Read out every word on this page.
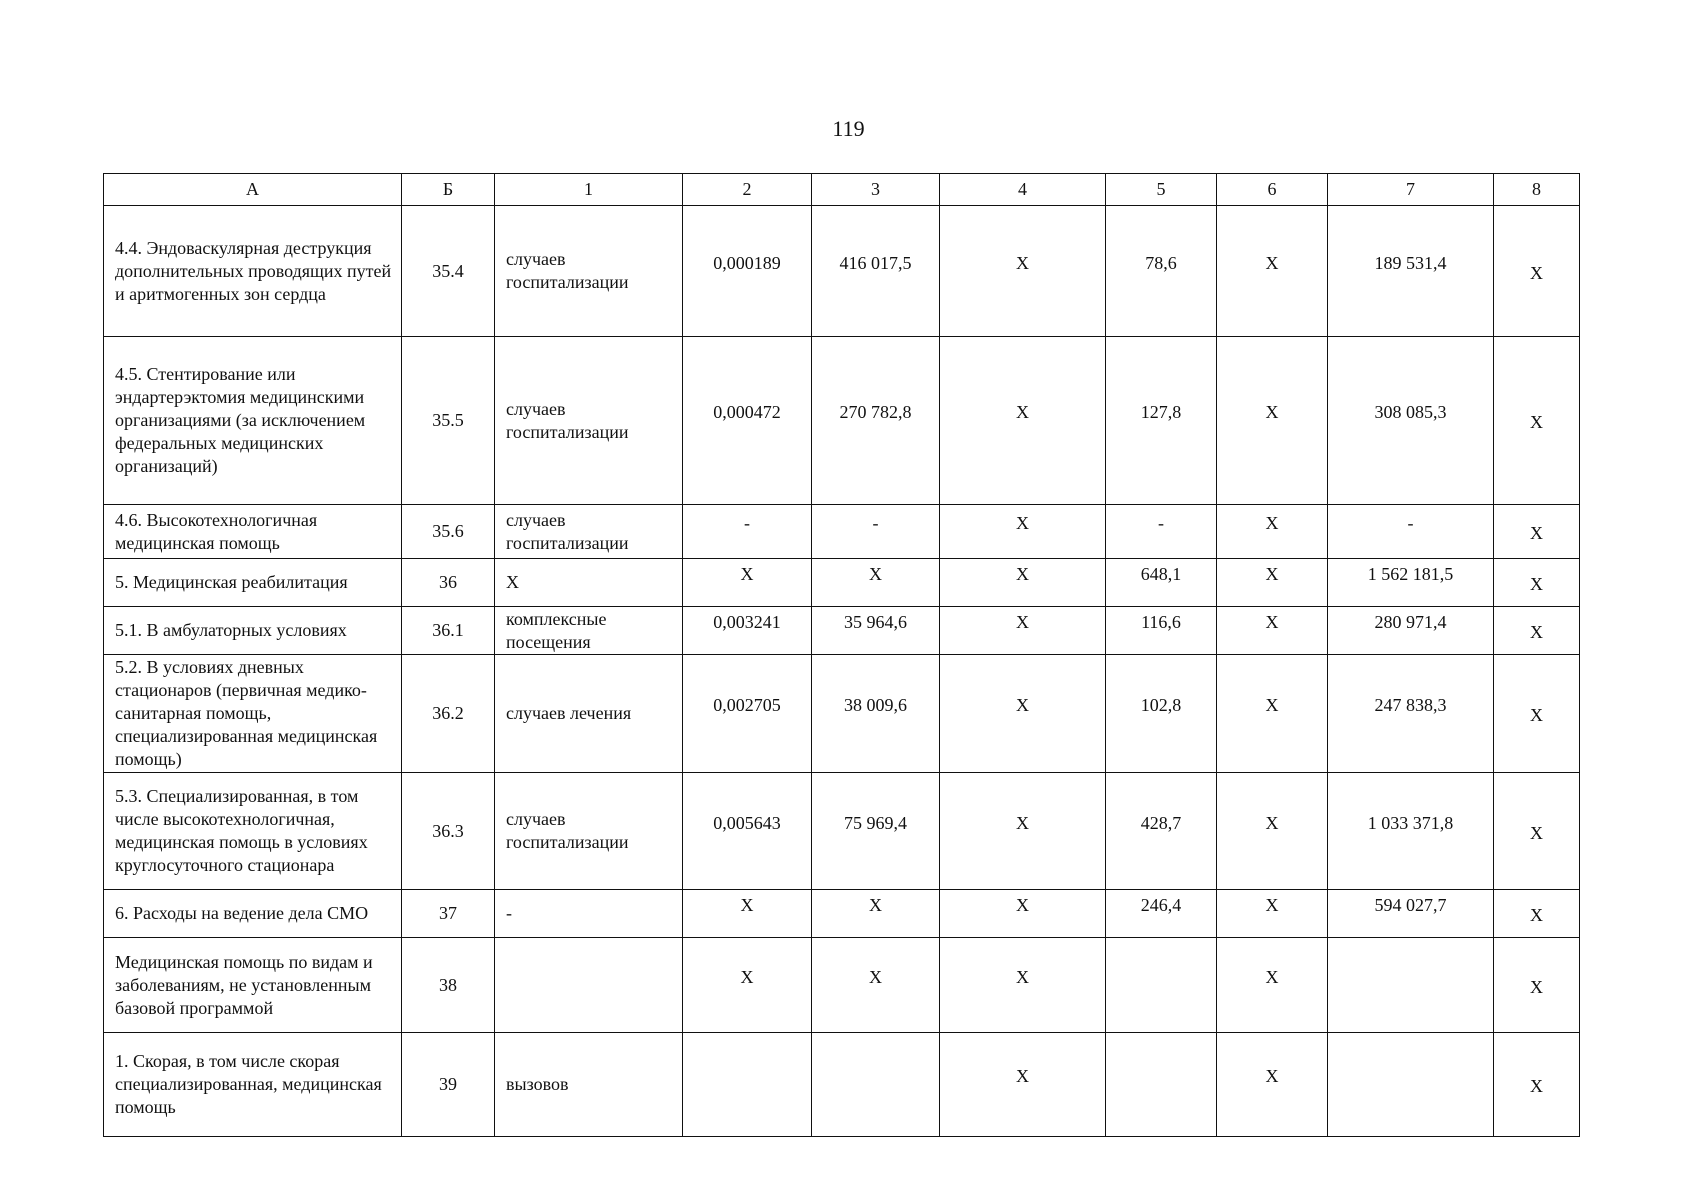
119
А	Б	1	2	3	4	5	6	7	8
4.4. Эндоваскулярная деструкция дополнительных проводящих путей и аритмогенных зон сердца	35.4	случаев госпитализации	0,000189	416 017,5	Х	78,6	Х	189 531,4	Х
4.5. Стентирование или эндартерэктомия медицинскими организациями (за исключением федеральных медицинских организаций)	35.5	случаев госпитализации	0,000472	270 782,8	Х	127,8	Х	308 085,3	Х
4.6. Высокотехнологичная медицинская помощь	35.6	случаев госпитализации	-	-	Х	-	Х	-	Х
5. Медицинская реабилитация	36	Х	Х	Х	Х	648,1	Х	1 562 181,5	Х
5.1. В амбулаторных условиях	36.1	комплексные посещения	0,003241	35 964,6	Х	116,6	Х	280 971,4	Х
5.2. В условиях дневных стационаров (первичная медико-санитарная помощь, специализированная медицинская помощь)	36.2	случаев лечения	0,002705	38 009,6	Х	102,8	Х	247 838,3	Х
5.3. Специализированная, в том числе высокотехнологичная, медицинская помощь в условиях круглосуточного стационара	36.3	случаев госпитализации	0,005643	75 969,4	Х	428,7	Х	1 033 371,8	Х
6. Расходы на ведение дела СМО	37	-	Х	Х	Х	246,4	Х	594 027,7	Х
Медицинская помощь по видам и заболеваниям, не установленным базовой программой	38		Х	Х	Х		Х		Х
1. Скорая, в том числе скорая специализированная, медицинская помощь	39	вызовов			Х		Х		Х
